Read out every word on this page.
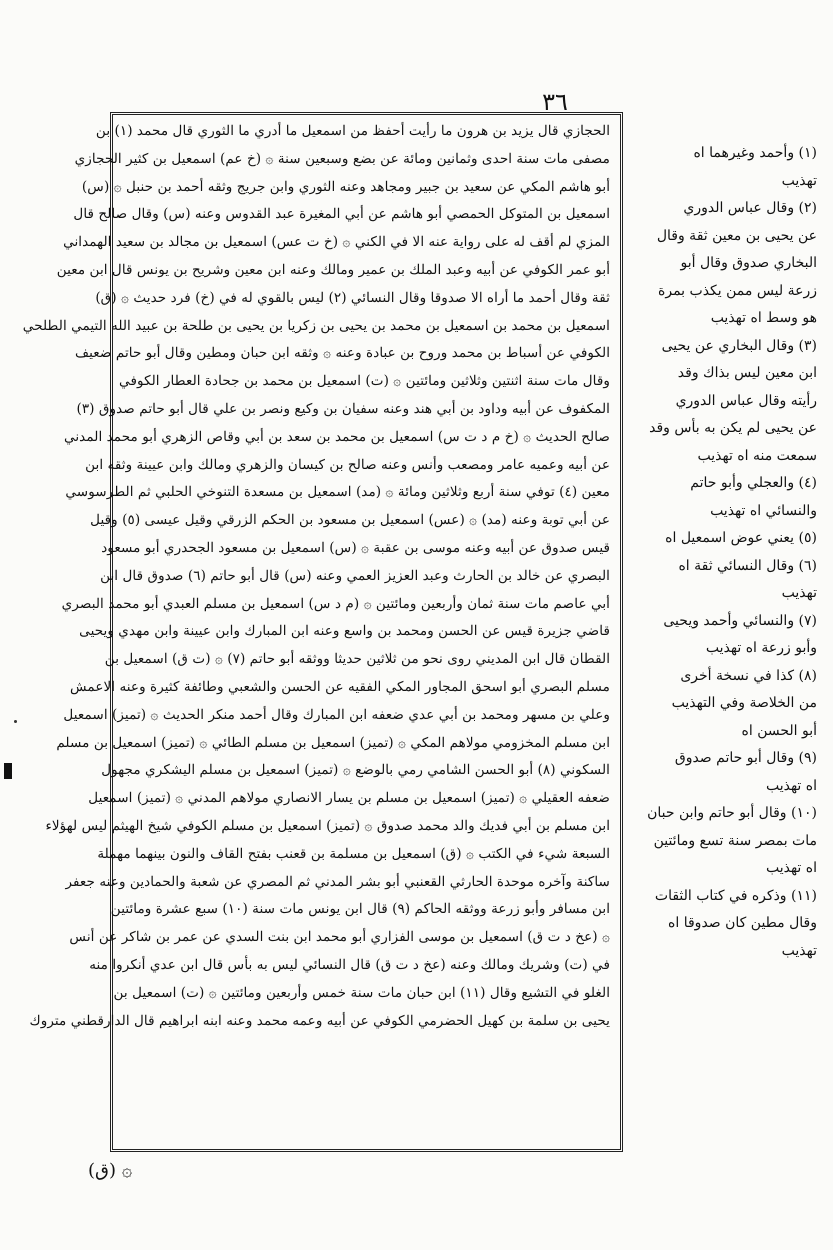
٣٦
الحجازي قال يزيد بن هرون ما رأيت أحفظ من اسمعيل ما أدري ما الثوري قال محمد (١) بن
مصفى مات سنة احدى وثمانين ومائة عن بضع وسبعين سنة ۞ (خ عم) اسمعيل بن كثير الحجازي
أبو هاشم المكي عن سعيد بن جبير ومجاهد وعنه الثوري وابن جريج وثقه أحمد بن حنبل ۞ (س)
اسمعيل بن المتوكل الحمصي أبو هاشم عن أبي المغيرة عبد القدوس وعنه (س) وقال صالح قال
المزي لم أقف له على رواية عنه الا في الكني ۞ (خ ت عس) اسمعيل بن مجالد بن سعيد الهمداني
أبو عمر الكوفي عن أبيه وعبد الملك بن عمير ومالك وعنه ابن معين وشريح بن يونس قال ابن معين
ثقة وقال أحمد ما أراه الا صدوقا وقال النسائي (٢) ليس بالقوي له في (خ) فرد حديث ۞ (ق)
اسمعيل بن محمد بن اسمعيل بن محمد بن يحيى بن زكريا بن يحيى بن طلحة بن عبيد الله التيمي الطلحي
الكوفي عن أسباط بن محمد وروح بن عبادة وعنه ۞ وثقه ابن حبان ومطين وقال أبو حاتم ضعيف
وقال مات سنة اثنتين وثلاثين ومائتين ۞ (ت) اسمعيل بن محمد بن جحادة العطار الكوفي
المكفوف عن أبيه وداود بن أبي هند وعنه سفيان بن وكيع ونصر بن علي قال أبو حاتم صدوق (٣)
صالح الحديث ۞ (خ م د ت س) اسمعيل بن محمد بن سعد بن أبي وقاص الزهري أبو محمد المدني
عن أبيه وعميه عامر ومصعب وأنس وعنه صالح بن كيسان والزهري ومالك وابن عيينة وثقه ابن
معين (٤) توفي سنة أربع وثلاثين ومائة ۞ (مد) اسمعيل بن مسعدة التنوخي الحلبي ثم الطرسوسي
عن أبي توبة وعنه (مد) ۞ (عس) اسمعيل بن مسعود بن الحكم الزرقي وقيل عيسى (٥) وقيل
قيس صدوق عن أبيه وعنه موسى بن عقبة ۞ (س) اسمعيل بن مسعود الجحدري أبو مسعود
البصري عن خالد بن الحارث وعبد العزيز العمي وعنه (س) قال أبو حاتم (٦) صدوق قال ابن
أبي عاصم مات سنة ثمان وأربعين ومائتين ۞ (م د س) اسمعيل بن مسلم العبدي أبو محمد البصري
قاضي جزيرة قيس عن الحسن ومحمد بن واسع وعنه ابن المبارك وابن عيينة وابن مهدي ويحيى
القطان قال ابن المديني روى نحو من ثلاثين حديثا ووثقه أبو حاتم (٧) ۞ (ت ق) اسمعيل بن
مسلم البصري أبو اسحق المجاور المكي الفقيه عن الحسن والشعبي وطائفة كثيرة وعنه الاعمش
وعلي بن مسهر ومحمد بن أبي عدي ضعفه ابن المبارك وقال أحمد منكر الحديث ۞ (تميز) اسمعيل
ابن مسلم المخزومي مولاهم المكي ۞ (تميز) اسمعيل بن مسلم الطائي ۞ (تميز) اسمعيل بن مسلم
السكوني (٨) أبو الحسن الشامي رمي بالوضع ۞ (تميز) اسمعيل بن مسلم اليشكري مجهول
ضعفه العقيلي ۞ (تميز) اسمعيل بن مسلم بن يسار الانصاري مولاهم المدني ۞ (تميز) اسمعيل
ابن مسلم بن أبي فديك والد محمد صدوق ۞ (تميز) اسمعيل بن مسلم الكوفي شيخ الهيثم ليس لهؤلاء
السبعة شيء في الكتب ۞ (ق) اسمعيل بن مسلمة بن قعنب بفتح القاف والنون بينهما مهملة
ساكنة وآخره موحدة الحارثي القعنبي أبو بشر المدني ثم المصري عن شعبة والحمادين وعنه جعفر
ابن مسافر وأبو زرعة ووثقه الحاكم (٩) قال ابن يونس مات سنة (١٠) سبع عشرة ومائتين
۞ (عخ د ت ق) اسمعيل بن موسى الفزاري أبو محمد ابن بنت السدي عن عمر بن شاكر عن أنس
في (ت) وشريك ومالك وعنه (عخ د ت ق) قال النسائي ليس به بأس قال ابن عدي أنكروا منه
الغلو في التشيع وقال (١١) ابن حبان مات سنة خمس وأربعين ومائتين ۞ (ت) اسمعيل بن
يحيى بن سلمة بن كهيل الحضرمي الكوفي عن أبيه وعمه محمد وعنه ابنه ابراهيم قال الدارقطني متروك
۞ (ق)
(١) وأحمد وغيرهما اه
تهذيب
(٢) وقال عباس الدوري
عن يحيى بن معين ثقة وقال
البخاري صدوق وقال أبو
زرعة ليس ممن يكذب بمرة
هو وسط اه تهذيب
(٣) وقال البخاري عن يحيى
ابن معين ليس بذاك وقد
رأيته وقال عباس الدوري
عن يحيى لم يكن به بأس وقد
سمعت منه اه تهذيب
(٤) والعجلي وأبو حاتم
والنسائي اه تهذيب
(٥) يعني عوض اسمعيل اه
(٦) وقال النسائي ثقة اه
تهذيب
(٧) والنسائي وأحمد ويحيى
وأبو زرعة اه تهذيب
(٨) كذا في نسخة أخرى
من الخلاصة وفي التهذيب
أبو الحسن اه
(٩) وقال أبو حاتم صدوق
اه تهذيب
(١٠) وقال أبو حاتم وابن حبان
مات بمصر سنة تسع ومائتين
اه تهذيب
(١١) وذكره في كتاب الثقات
وقال مطين كان صدوقا اه
تهذيب
